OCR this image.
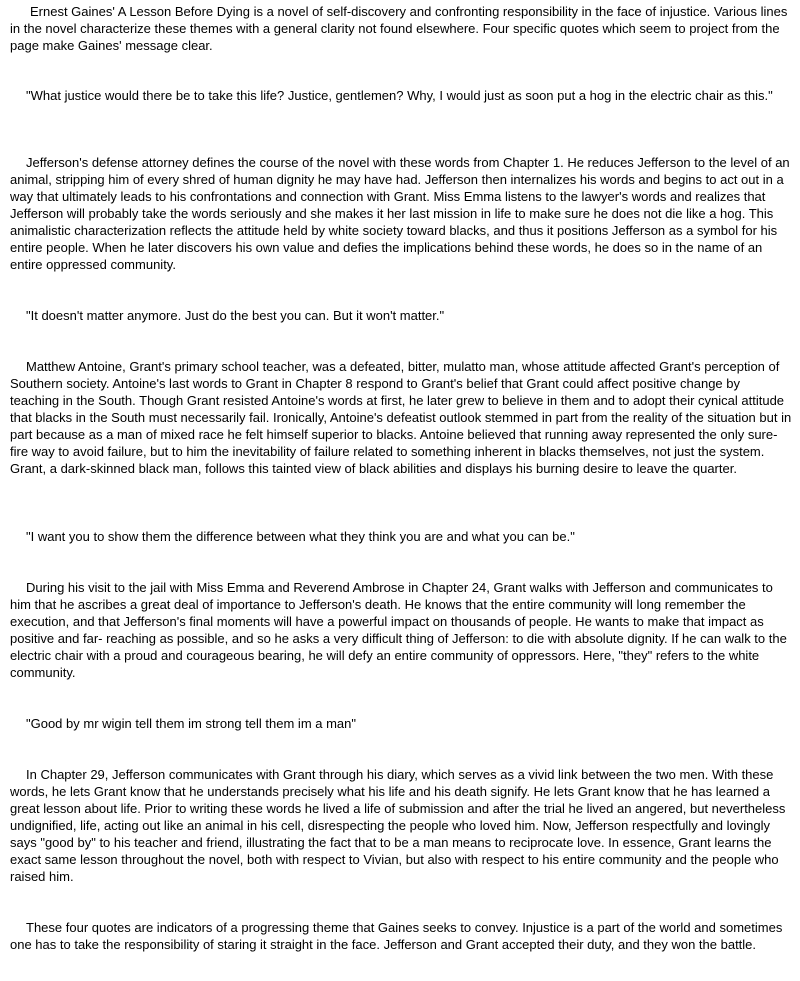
Ernest Gaines' A Lesson Before Dying is a novel of self-discovery and confronting responsibility in the face of injustice. Various lines in the novel characterize these themes with a general clarity not found elsewhere. Four specific quotes which seem to project from the page make Gaines' message clear.

"What justice would there be to take this life? Justice, gentlemen? Why, I would just as soon put a hog in the electric chair as this."

Jefferson's defense attorney defines the course of the novel with these words from Chapter 1. He reduces Jefferson to the level of an animal, stripping him of every shred of human dignity he may have had. Jefferson then internalizes his words and begins to act out in a way that ultimately leads to his confrontations and connection with Grant. Miss Emma listens to the lawyer's words and realizes that Jefferson will probably take the words seriously and she makes it her last mission in life to make sure he does not die like a hog. This animalistic characterization reflects the attitude held by white society toward blacks, and thus it positions Jefferson as a symbol for his entire people. When he later discovers his own value and defies the implications behind these words, he does so in the name of an entire oppressed community.

"It doesn't matter anymore. Just do the best you can. But it won't matter."

Matthew Antoine, Grant's primary school teacher, was a defeated, bitter, mulatto man, whose attitude affected Grant's perception of Southern society. Antoine's last words to Grant in Chapter 8 respond to Grant's belief that Grant could affect positive change by teaching in the South. Though Grant resisted Antoine's words at first, he later grew to believe in them and to adopt their cynical attitude that blacks in the South must necessarily fail. Ironically, Antoine's defeatist outlook stemmed in part from the reality of the situation but in part because as a man of mixed race he felt himself superior to blacks. Antoine believed that running away represented the only sure-fire way to avoid failure, but to him the inevitability of failure related to something inherent in blacks themselves, not just the system. Grant, a dark-skinned black man, follows this tainted view of black abilities and displays his burning desire to leave the quarter.

"I want you to show them the difference between what they think you are and what you can be."

During his visit to the jail with Miss Emma and Reverend Ambrose in Chapter 24, Grant walks with Jefferson and communicates to him that he ascribes a great deal of importance to Jefferson's death. He knows that the entire community will long remember the execution, and that Jefferson's final moments will have a powerful impact on thousands of people. He wants to make that impact as positive and far- reaching as possible, and so he asks a very difficult thing of Jefferson: to die with absolute dignity. If he can walk to the electric chair with a proud and courageous bearing, he will defy an entire community of oppressors. Here, "they" refers to the white community.

"Good by mr wigin tell them im strong tell them im a man"

In Chapter 29, Jefferson communicates with Grant through his diary, which serves as a vivid link between the two men. With these words, he lets Grant know that he understands precisely what his life and his death signify. He lets Grant know that he has learned a great lesson about life. Prior to writing these words he lived a life of submission and after the trial he lived an angered, but nevertheless undignified, life, acting out like an animal in his cell, disrespecting the people who loved him. Now, Jefferson respectfully and lovingly says "good by" to his teacher and friend, illustrating the fact that to be a man means to reciprocate love. In essence, Grant learns the exact same lesson throughout the novel, both with respect to Vivian, but also with respect to his entire community and the people who raised him.

These four quotes are indicators of a progressing theme that Gaines seeks to convey. Injustice is a part of the world and sometimes one has to take the responsibility of staring it straight in the face. Jefferson and Grant accepted their duty, and they won the battle.
